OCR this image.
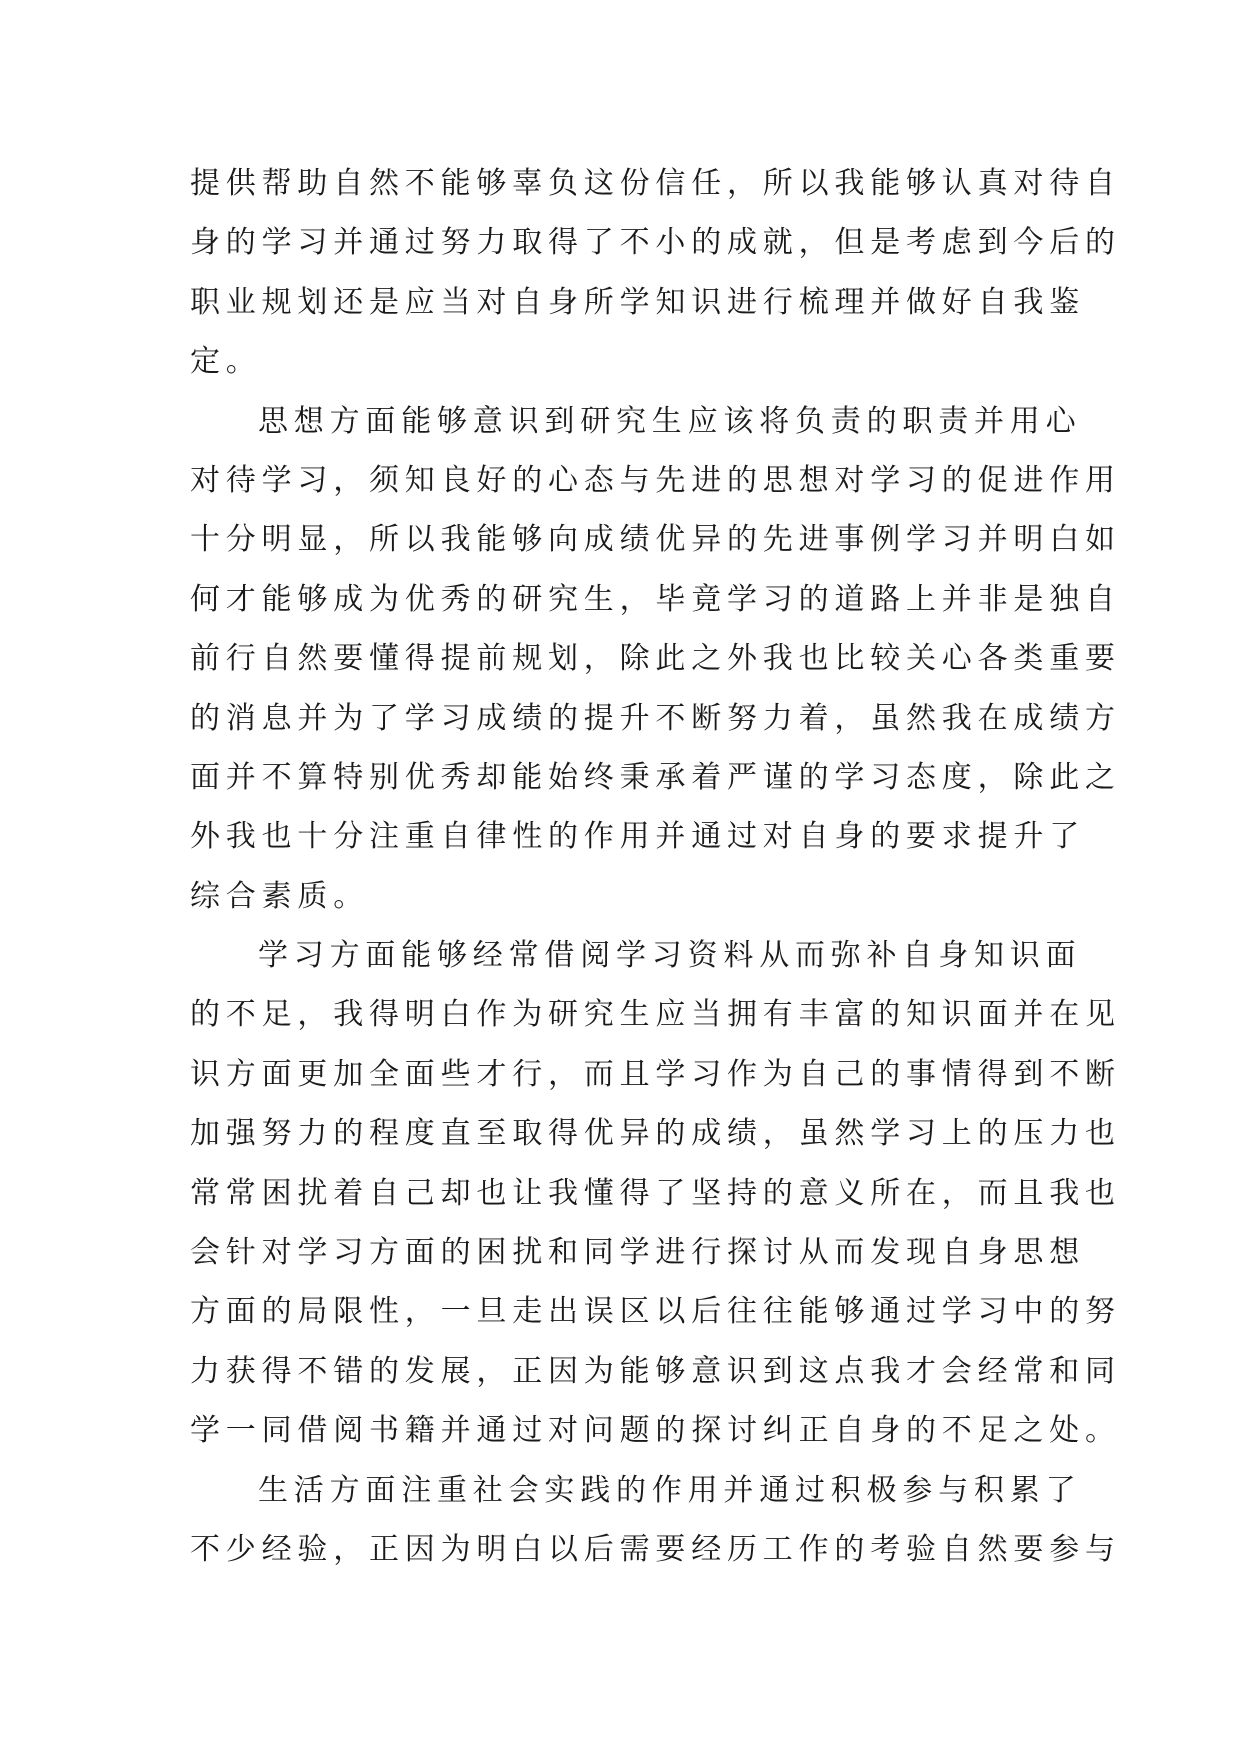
提供帮助自然不能够辜负这份信任，所以我能够认真对待自
身的学习并通过努力取得了不小的成就，但是考虑到今后的
职业规划还是应当对自身所学知识进行梳理并做好自我鉴
定。
思想方面能够意识到研究生应该将负责的职责并用心
对待学习，须知良好的心态与先进的思想对学习的促进作用
十分明显，所以我能够向成绩优异的先进事例学习并明白如
何才能够成为优秀的研究生，毕竟学习的道路上并非是独自
前行自然要懂得提前规划，除此之外我也比较关心各类重要
的消息并为了学习成绩的提升不断努力着，虽然我在成绩方
面并不算特别优秀却能始终秉承着严谨的学习态度，除此之
外我也十分注重自律性的作用并通过对自身的要求提升了
综合素质。
学习方面能够经常借阅学习资料从而弥补自身知识面
的不足，我得明白作为研究生应当拥有丰富的知识面并在见
识方面更加全面些才行，而且学习作为自己的事情得到不断
加强努力的程度直至取得优异的成绩，虽然学习上的压力也
常常困扰着自己却也让我懂得了坚持的意义所在，而且我也
会针对学习方面的困扰和同学进行探讨从而发现自身思想
方面的局限性，一旦走出误区以后往往能够通过学习中的努
力获得不错的发展，正因为能够意识到这点我才会经常和同
学一同借阅书籍并通过对问题的探讨纠正自身的不足之处。
生活方面注重社会实践的作用并通过积极参与积累了
不少经验，正因为明白以后需要经历工作的考验自然要参与
